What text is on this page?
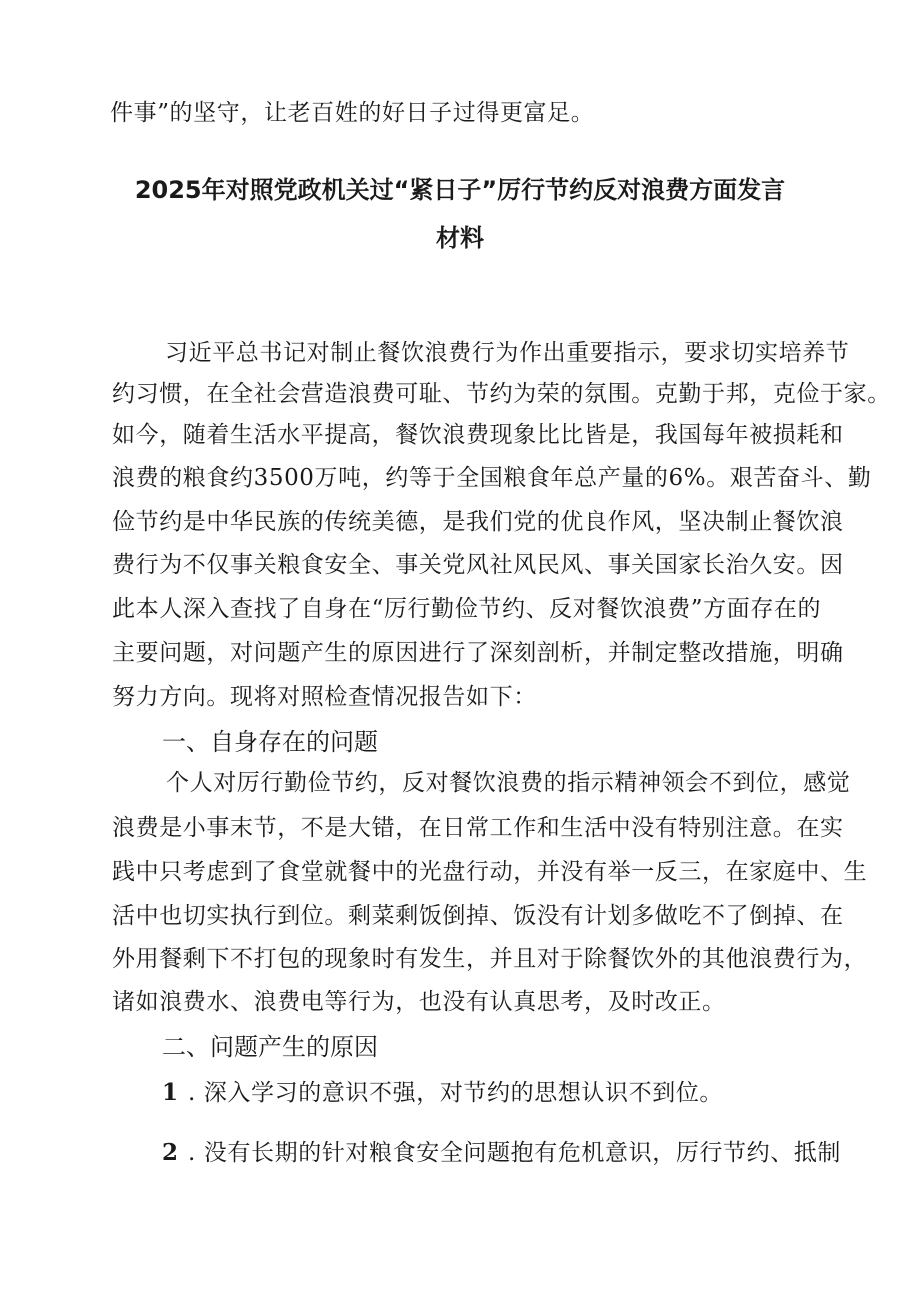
件事”的坚守，让老百姓的好日子过得更富足。
2025年对照党政机关过“紧日子”厉行节约反对浪费方面发言
材料
习近平总书记对制止餐饮浪费行为作出重要指示，要求切实培养节
约习惯，在全社会营造浪费可耻、节约为荣的氛围。克勤于邦，克俭于家。
如今，随着生活水平提高，餐饮浪费现象比比皆是，我国每年被损耗和
浪费的粮食约3500万吨，约等于全国粮食年总产量的6%。艰苦奋斗、勤
俭节约是中华民族的传统美德，是我们党的优良作风，坚决制止餐饮浪
费行为不仅事关粮食安全、事关党风社风民风、事关国家长治久安。因
此本人深入查找了自身在“厉行勤俭节约、反对餐饮浪费”方面存在的
主要问题，对问题产生的原因进行了深刻剖析，并制定整改措施，明确
努力方向。现将对照检查情况报告如下：
一、自身存在的问题
个人对厉行勤俭节约，反对餐饮浪费的指示精神领会不到位，感觉
浪费是小事末节，不是大错，在日常工作和生活中没有特别注意。在实
践中只考虑到了食堂就餐中的光盘行动，并没有举一反三，在家庭中、生
活中也切实执行到位。剩菜剩饭倒掉、饭没有计划多做吃不了倒掉、在
外用餐剩下不打包的现象时有发生，并且对于除餐饮外的其他浪费行为，
诸如浪费水、浪费电等行为，也没有认真思考，及时改正。
二、问题产生的原因
1 . 深入学习的意识不强，对节约的思想认识不到位。
2 . 没有长期的针对粮食安全问题抱有危机意识，厉行节约、抵制
